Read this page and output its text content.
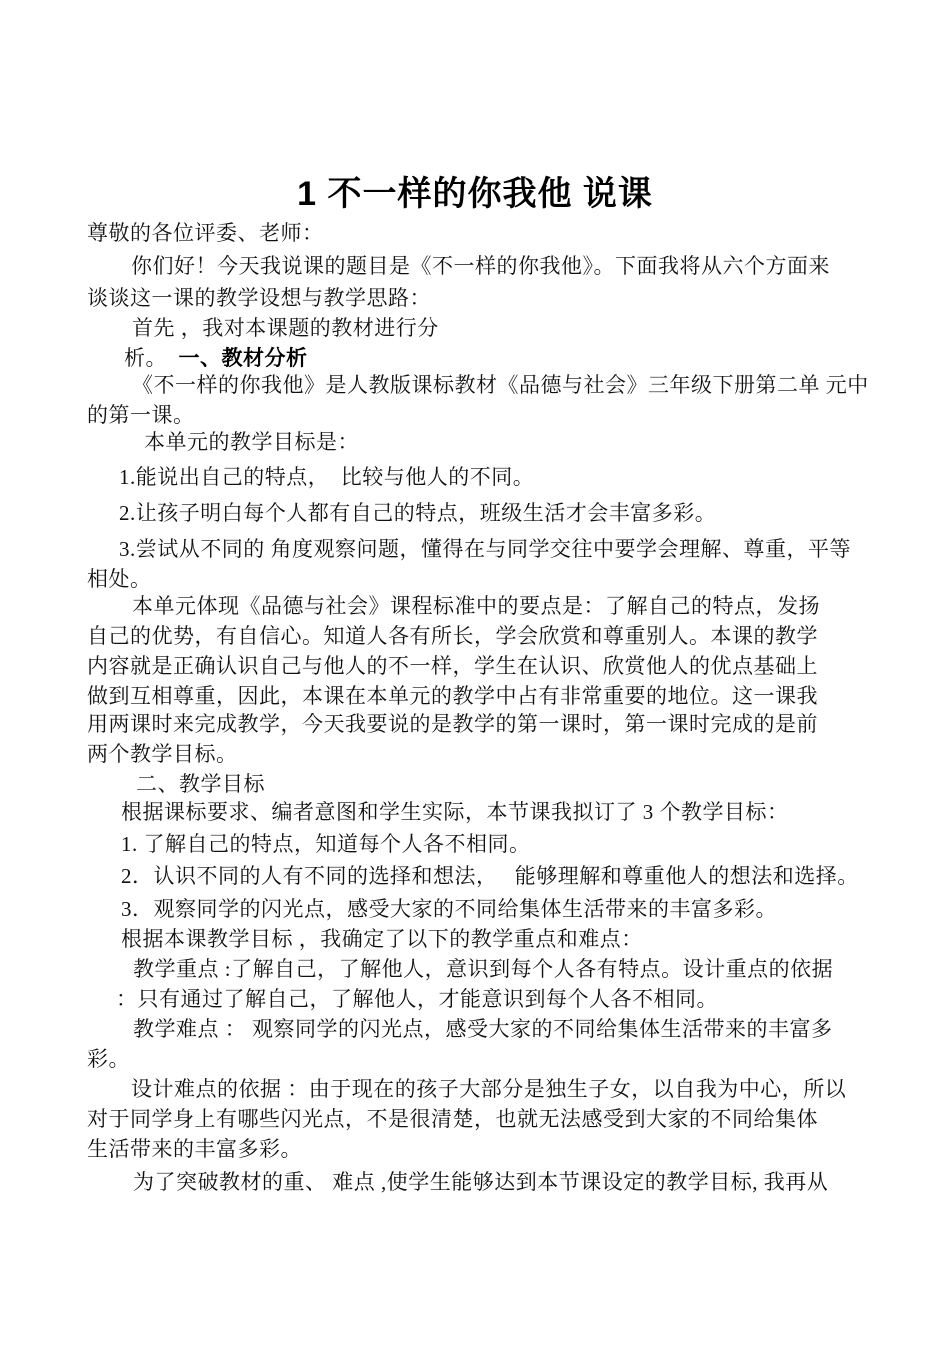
1 不一样的你我他 说课
尊敬的各位评委、老师：
你们好！今天我说课的题目是《不一样的你我他》。下面我将从六个方面来
谈谈这一课的教学设想与教学思路：
首先 ，我对本课题的教材进行分
析。  一、教材分析
《不一样的你我他》是人教版课标教材《品德与社会》三年级下册第二单 元中
的第一课。
本单元的教学目标是：
1.能说出自己的特点，  比较与他人的不同。
2.让孩子明白每个人都有自己的特点，班级生活才会丰富多彩。
3.尝试从不同的 角度观察问题，懂得在与同学交往中要学会理解、尊重，平等
相处。
本单元体现《品德与社会》课程标准中的要点是：了解自己的特点，发扬
自己的优势，有自信心。知道人各有所长，学会欣赏和尊重别人。本课的教学
内容就是正确认识自己与他人的不一样，学生在认识、欣赏他人的优点基础上
做到互相尊重，因此，本课在本单元的教学中占有非常重要的地位。这一课我
用两课时来完成教学，今天我要说的是教学的第一课时，第一课时完成的是前
两个教学目标。
二、教学目标
根据课标要求、编者意图和学生实际，本节课我拟订了 3 个教学目标：
1. 了解自己的特点，知道每个人各不相同。
2．认识不同的人有不同的选择和想法，   能够理解和尊重他人的想法和选择。
3．观察同学的闪光点，感受大家的不同给集体生活带来的丰富多彩。
根据本课教学目标 ，我确定了以下的教学重点和难点：
教学重点 :了解自己，了解他人，意识到每个人各有特点。设计重点的依据
：只有通过了解自己，了解他人，才能意识到每个人各不相同。
教学难点 ： 观察同学的闪光点，感受大家的不同给集体生活带来的丰富多
彩。
设计难点的依据 ：由于现在的孩子大部分是独生子女，以自我为中心，所以
对于同学身上有哪些闪光点，不是很清楚，也就无法感受到大家的不同给集体
生活带来的丰富多彩。
为了突破教材的重、 难点 ,使学生能够达到本节课设定的教学目标, 我再从
